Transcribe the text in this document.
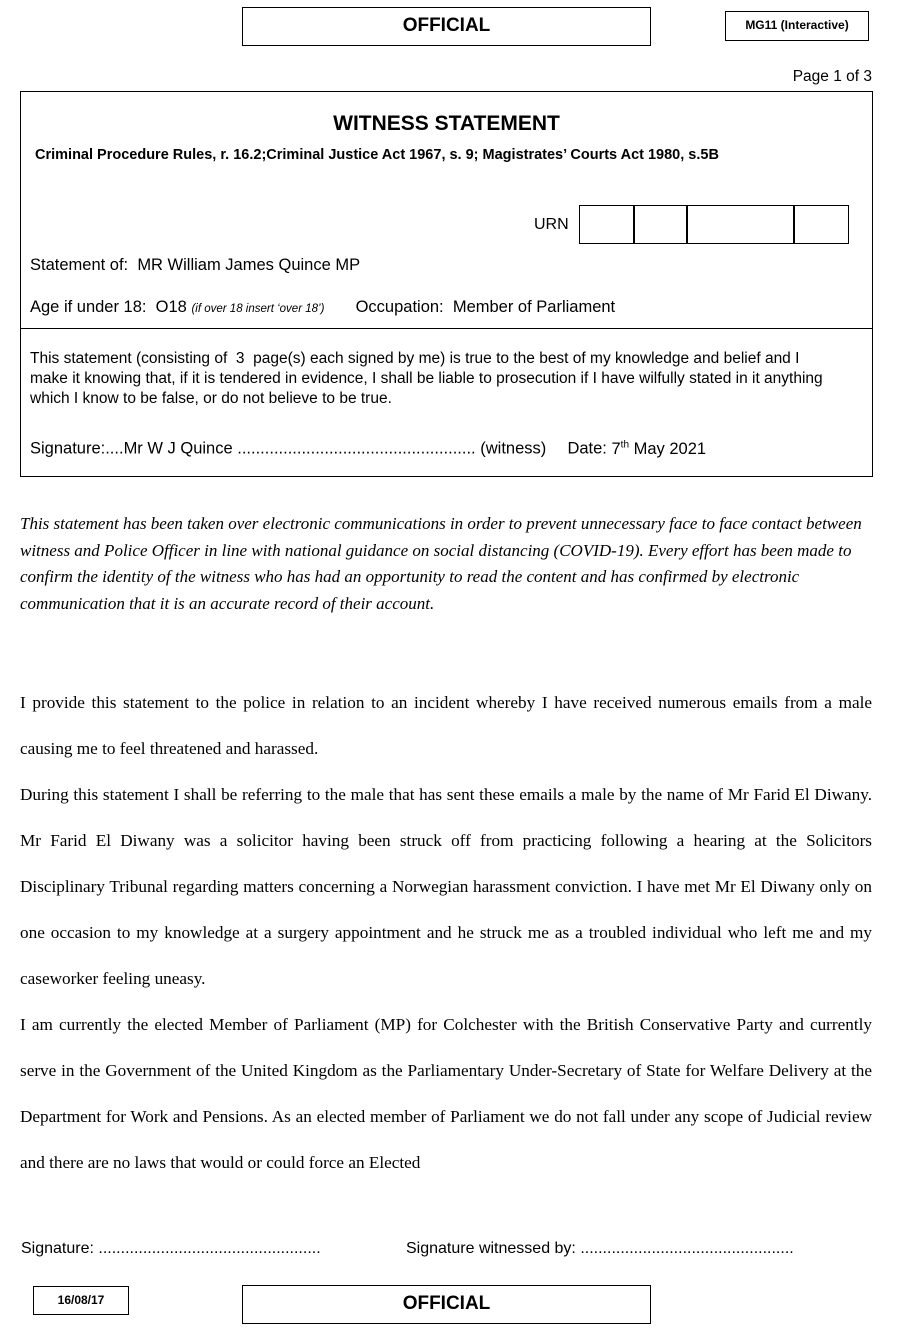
OFFICIAL	MG11 (Interactive)
Page 1 of 3
WITNESS STATEMENT
Criminal Procedure Rules, r. 16.2;Criminal Justice Act 1967, s. 9; Magistrates’ Courts Act 1980, s.5B
URN
Statement of: MR William James Quince MP
Age if under 18: O18 (if over 18 insert ‘over 18’) Occupation: Member of Parliament
This statement (consisting of 3 page(s) each signed by me) is true to the best of my knowledge and belief and I make it knowing that, if it is tendered in evidence, I shall be liable to prosecution if I have wilfully stated in it anything which I know to be false, or do not believe to be true.
Signature:....Mr W J Quince .................................................... (witness) Date: 7th May 2021
This statement has been taken over electronic communications in order to prevent unnecessary face to face contact between witness and Police Officer in line with national guidance on social distancing (COVID-19). Every effort has been made to confirm the identity of the witness who has had an opportunity to read the content and has confirmed by electronic communication that it is an accurate record of their account.

I provide this statement to the police in relation to an incident whereby I have received numerous emails from a male causing me to feel threatened and harassed.

During this statement I shall be referring to the male that has sent these emails a male by the name of Mr Farid El Diwany. Mr Farid El Diwany was a solicitor having been struck off from practicing following a hearing at the Solicitors Disciplinary Tribunal regarding matters concerning a Norwegian harassment conviction. I have met Mr El Diwany only on one occasion to my knowledge at a surgery appointment and he struck me as a troubled individual who left me and my caseworker feeling uneasy.

I am currently the elected Member of Parliament (MP) for Colchester with the British Conservative Party and currently serve in the Government of the United Kingdom as the Parliamentary Under-Secretary of State for Welfare Delivery at the Department for Work and Pensions. As an elected member of Parliament we do not fall under any scope of Judicial review and there are no laws that would or could force an Elected

Signature: ..................................................	Signature witnessed by: ................................................
16/08/17	OFFICIAL
